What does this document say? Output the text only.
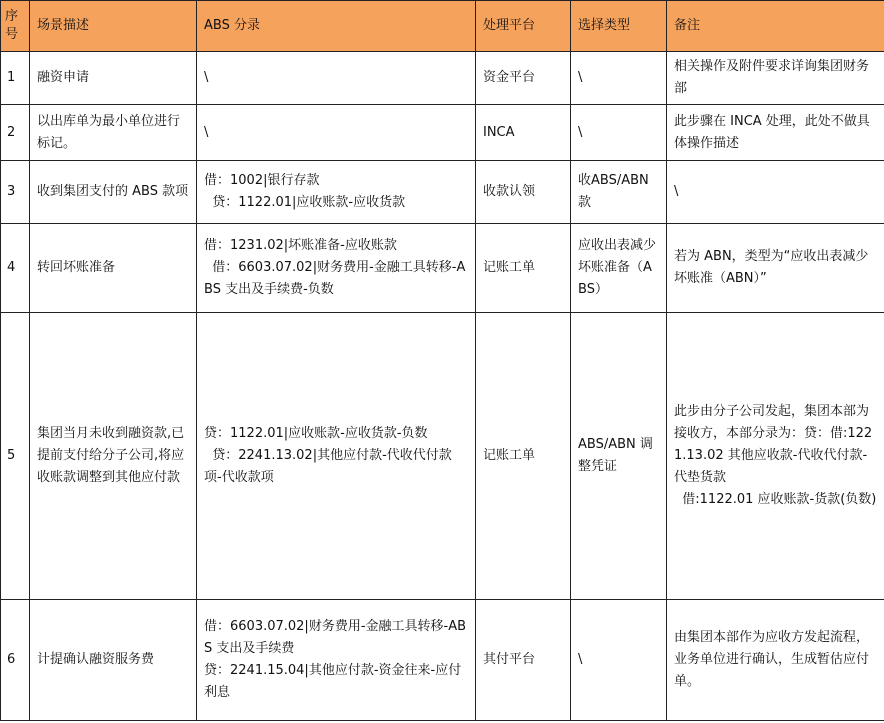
序号	场景描述	ABS 分录	处理平台	选择类型	备注
1	融资申请	\	资金平台	\	相关操作及附件要求详询集团财务部
2	以出库单为最小单位进行标记。	\	INCA	\	此步骤在 INCA 处理，此处不做具体操作描述
3	收到集团支付的 ABS 款项	借：1002|银行存款
贷：1122.01|应收账款-应收货款	收款认领	收ABS/ABN款	\
4	转回坏账准备	借：1231.02|坏账准备-应收账款
借：6603.07.02|财务费用-金融工具转移-ABS 支出及手续费-负数	记账工单	应收出表减少坏账准备（ABS）	若为 ABN，类型为“应收出表减少坏账准（ABN）”
5	集团当月未收到融资款,已提前支付给分子公司,将应收账款调整到其他应付款	贷：1122.01|应收账款-应收货款-负数
贷：2241.13.02|其他应付款-代收代付款项-代收款项	记账工单	ABS/ABN 调整凭证	此步由分子公司发起，集团本部为接收方，本部分录为：贷：借:1221.13.02 其他应收款-代收代付款-代垫货款
借:1122.01 应收账款-货款(负数)
6	计提确认融资服务费	借：6603.07.02|财务费用-金融工具转移-ABS 支出及手续费
贷：2241.15.04|其他应付款-资金往来-应付利息	其付平台	\	由集团本部作为应收方发起流程，业务单位进行确认，生成暂估应付单。
